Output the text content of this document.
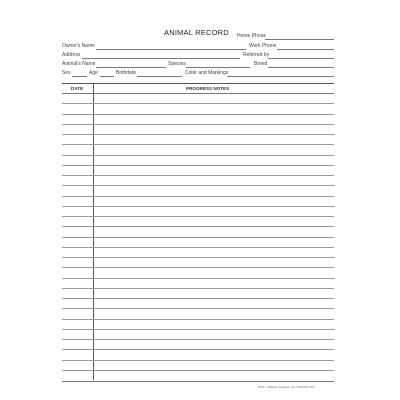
ANIMAL RECORD Home Phone
Owner's Name	Work Phone
Address	Referred by
Animal's Name	Species	Breed
Sex	Age	Birthdate	Color and Markings
DATE	PROGRESS NOTES
#0477 • Bibbero Systems, Inc. TUSCON CTS
